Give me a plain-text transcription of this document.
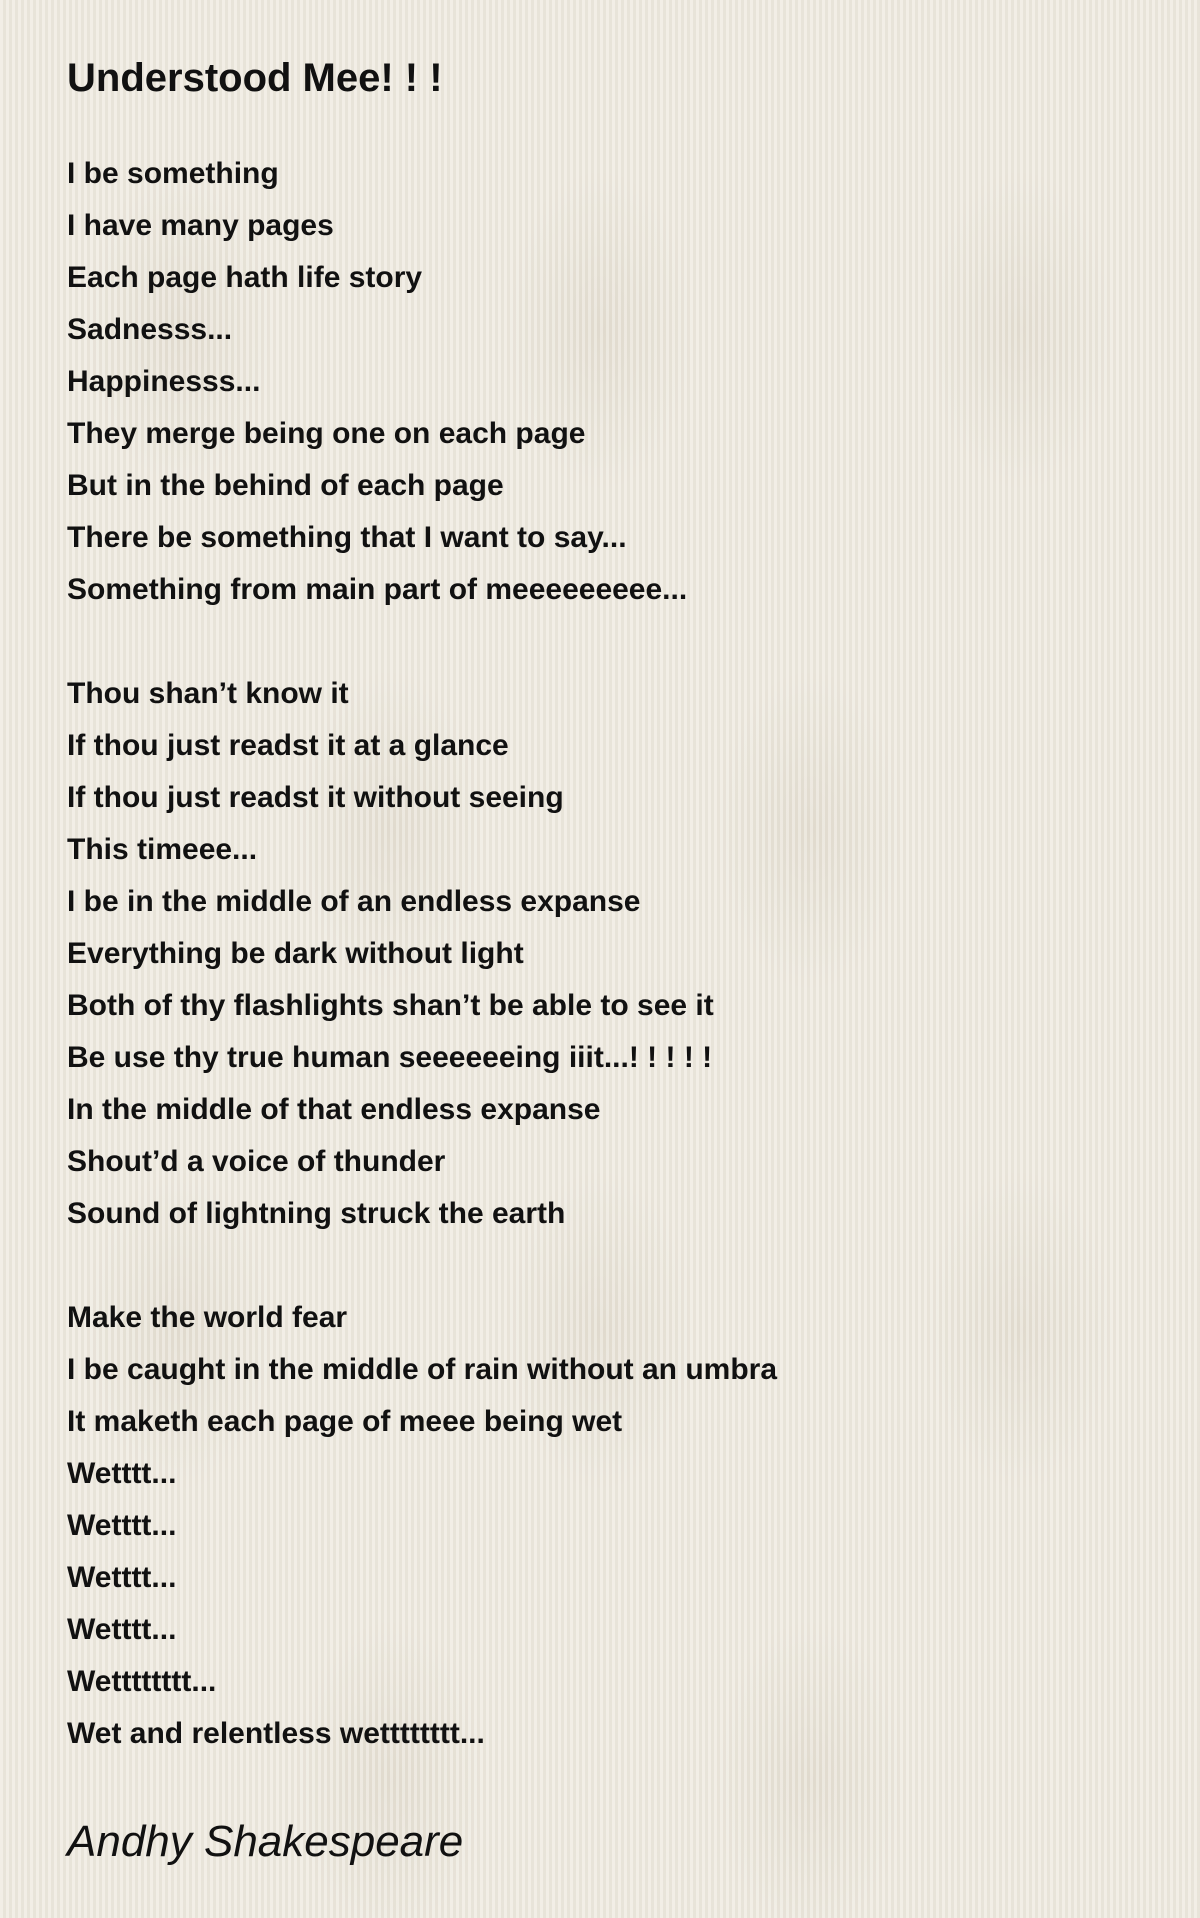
Understood Mee! ! !
I be something
I have many pages
Each page hath life story
Sadnesss...
Happinesss...
They merge being one on each page
But in the behind of each page
There be something that I want to say...
Something from main part of meeeeeeeee...
Thou shan’t know it
If thou just readst it at a glance
If thou just readst it without seeing
This timeee...
I be in the middle of an endless expanse
Everything be dark without light
Both of thy flashlights shan’t be able to see it
Be use thy true human seeeeeeing iiit...! ! ! ! !
In the middle of that endless expanse
Shout’d a voice of thunder
Sound of lightning struck the earth
Make the world fear
I be caught in the middle of rain without an umbra
It maketh each page of meee being wet
Wetttt...
Wetttt...
Wetttt...
Wetttt...
Wetttttttt...
Wet and relentless wetttttttt...
Andhy Shakespeare
